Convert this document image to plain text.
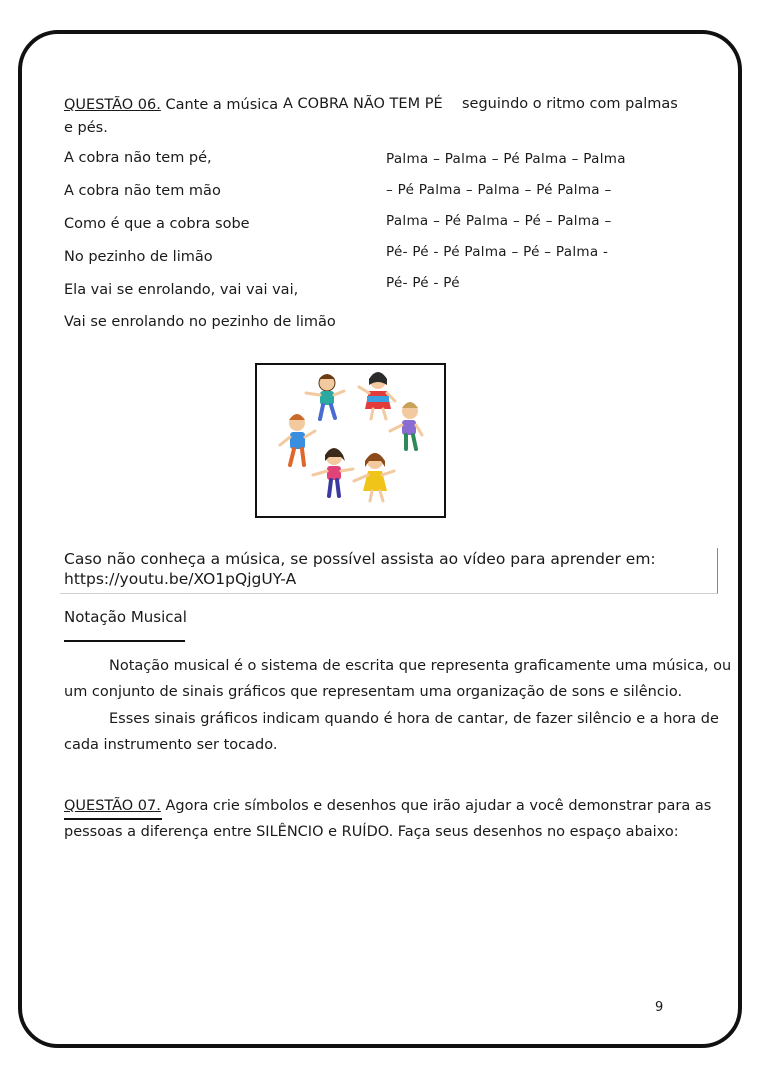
QUESTÃO 06. Cante a música A COBRA NÃO TEM PÉ seguindo o ritmo com palmas
e pés.
A cobra não tem pé,
A cobra não tem mão
Como é que a cobra sobe
No pezinho de limão
Ela vai se enrolando, vai vai vai,
Vai se enrolando no pezinho de limão
Palma – Palma – Pé Palma – Palma
– Pé Palma – Palma – Pé Palma –
Palma – Pé Palma – Pé – Palma –
Pé- Pé - Pé Palma – Pé – Palma -
Pé- Pé - Pé
Caso não conheça a música, se possível assista ao vídeo para aprender em:
https://youtu.be/XO1pQjgUY-A
Notação Musical
Notação musical é o sistema de escrita que representa graficamente uma música, ou
um conjunto de sinais gráficos que representam uma organização de sons e silêncio.
Esses sinais gráficos indicam quando é hora de cantar, de fazer silêncio e a hora de
cada instrumento ser tocado.
QUESTÃO 07. Agora crie símbolos e desenhos que irão ajudar a você demonstrar para as
pessoas a diferença entre SILÊNCIO e RUÍDO. Faça seus desenhos no espaço abaixo:
9
